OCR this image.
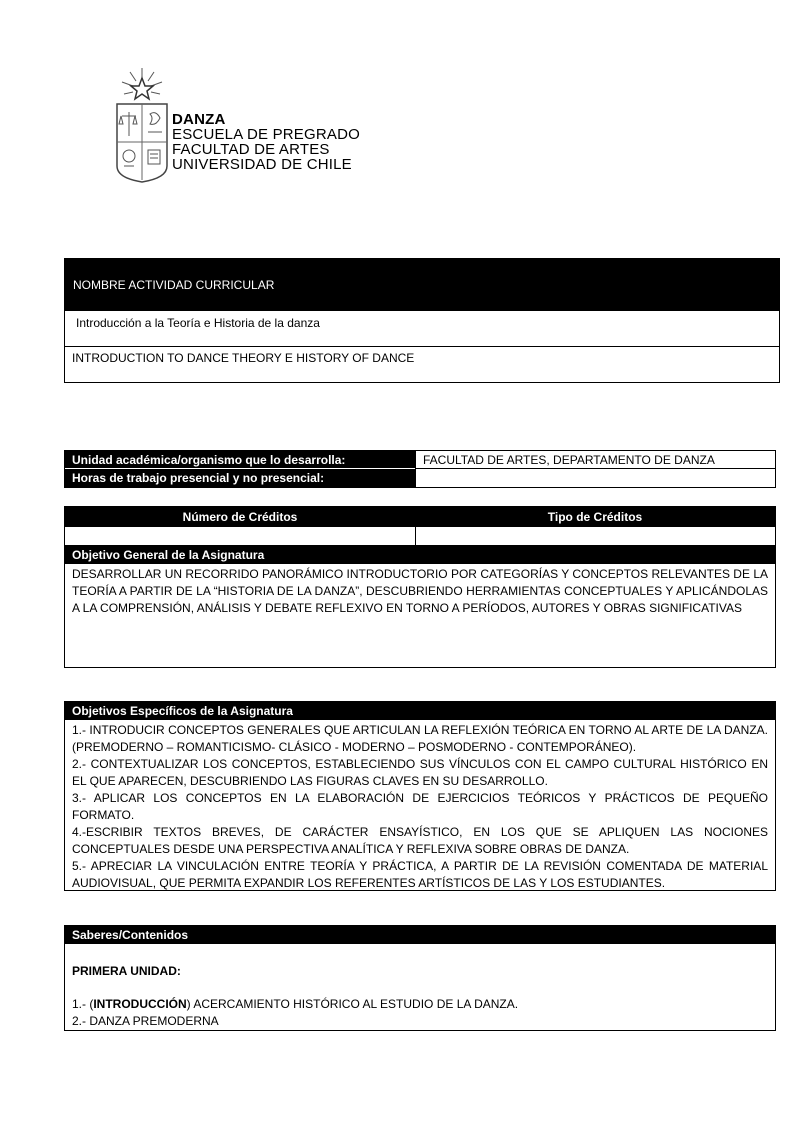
DANZA
ESCUELA DE PREGRADO
FACULTAD DE ARTES
UNIVERSIDAD DE CHILE
NOMBRE ACTIVIDAD CURRICULAR
Introducción a la Teoría e Historia de la danza
INTRODUCTION TO DANCE THEORY E HISTORY OF DANCE
Unidad académica/organismo que lo desarrolla:	FACULTAD DE ARTES, DEPARTAMENTO DE DANZA
Horas de trabajo presencial y no presencial:
Número de Créditos	Tipo de Créditos
Objetivo General de la Asignatura
DESARROLLAR UN RECORRIDO PANORÁMICO INTRODUCTORIO POR CATEGORÍAS Y CONCEPTOS RELEVANTES DE LA TEORÍA A PARTIR DE LA “HISTORIA DE LA DANZA”, DESCUBRIENDO HERRAMIENTAS CONCEPTUALES Y APLICÁNDOLAS A LA COMPRENSIÓN, ANÁLISIS Y DEBATE REFLEXIVO EN TORNO A PERÍODOS, AUTORES Y OBRAS SIGNIFICATIVAS
Objetivos Específicos de la Asignatura
1.- INTRODUCIR CONCEPTOS GENERALES QUE ARTICULAN LA REFLEXIÓN TEÓRICA EN TORNO AL ARTE DE LA DANZA. (PREMODERNO – ROMANTICISMO- CLÁSICO - MODERNO – POSMODERNO - CONTEMPORÁNEO).
2.- CONTEXTUALIZAR LOS CONCEPTOS, ESTABLECIENDO SUS VÍNCULOS CON EL CAMPO CULTURAL HISTÓRICO EN EL QUE APARECEN, DESCUBRIENDO LAS FIGURAS CLAVES EN SU DESARROLLO.
3.- APLICAR LOS CONCEPTOS EN LA ELABORACIÓN DE EJERCICIOS TEÓRICOS Y PRÁCTICOS DE PEQUEÑO FORMATO.
4.-ESCRIBIR TEXTOS BREVES, DE CARÁCTER ENSAYÍSTICO, EN LOS QUE SE APLIQUEN LAS NOCIONES CONCEPTUALES DESDE UNA PERSPECTIVA ANALÍTICA Y REFLEXIVA SOBRE OBRAS DE DANZA.
5.- APRECIAR LA VINCULACIÓN ENTRE TEORÍA Y PRÁCTICA, A PARTIR DE LA REVISIÓN COMENTADA DE MATERIAL AUDIOVISUAL, QUE PERMITA EXPANDIR LOS REFERENTES ARTÍSTICOS DE LAS Y LOS ESTUDIANTES.
Saberes/Contenidos
PRIMERA UNIDAD:
1.- (INTRODUCCIÓN) ACERCAMIENTO HISTÓRICO AL ESTUDIO DE LA DANZA.
2.- DANZA PREMODERNA
